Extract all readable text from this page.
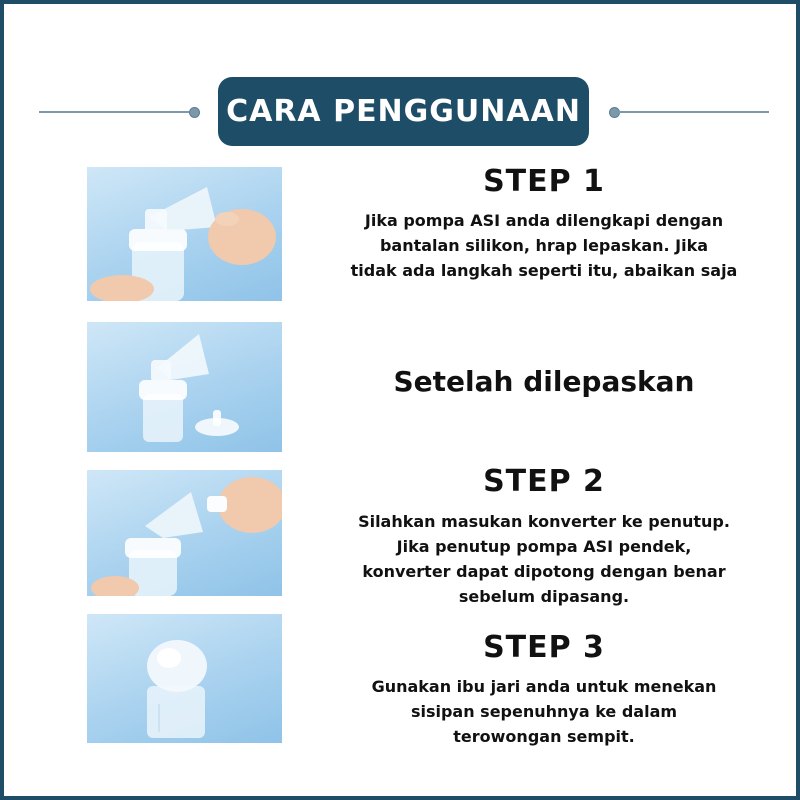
CARA PENGGUNAAN
STEP 1
Jika pompa ASI anda dilengkapi dengan
bantalan silikon, hrap lepaskan. Jika
tidak ada langkah seperti itu, abaikan saja
Setelah dilepaskan
STEP 2
Silahkan masukan konverter ke penutup.
Jika penutup pompa ASI pendek,
konverter dapat dipotong dengan benar
sebelum dipasang.
STEP 3
Gunakan ibu jari anda untuk menekan
sisipan sepenuhnya ke dalam
terowongan sempit.
